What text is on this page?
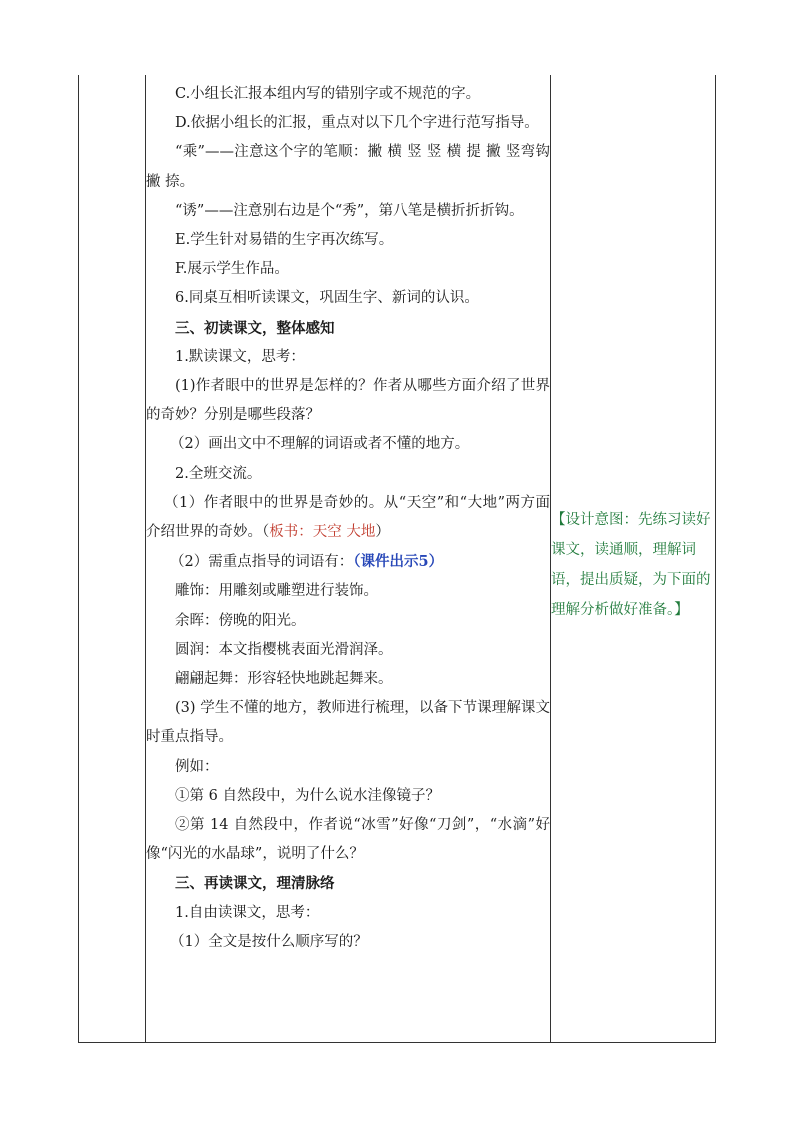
C.小组长汇报本组内写的错别字或不规范的字。

D.依据小组长的汇报，重点对以下几个字进行范写指导。

“乘”——注意这个字的笔顺：撇 横 竖 竖 横 提 撇 竖弯钩 撇 捺。

“诱”——注意别右边是个“秀”，第八笔是横折折折钩。

E.学生针对易错的生字再次练写。

F.展示学生作品。

6.同桌互相听读课文，巩固生字、新词的认识。

三、初读课文，整体感知

1.默读课文，思考：

(1)作者眼中的世界是怎样的？作者从哪些方面介绍了世界的奇妙？分别是哪些段落？

（2）画出文中不理解的词语或者不懂的地方。

2.全班交流。

（1）作者眼中的世界是奇妙的。从“天空”和“大地”两方面介绍世界的奇妙。（板书：天空 大地）

（2）需重点指导的词语有：（课件出示5）

雕饰：用雕刻或雕塑进行装饰。

余晖：傍晚的阳光。

圆润：本文指樱桃表面光滑润泽。

翩翩起舞：形容轻快地跳起舞来。

(3) 学生不懂的地方，教师进行梳理，以备下节课理解课文时重点指导。

例如：

①第 6 自然段中，为什么说水洼像镜子？

②第 14 自然段中，作者说“冰雪”好像“刀剑”，“水滴”好像“闪光的水晶球”，说明了什么？

三、再读课文，理清脉络

1.自由读课文，思考：

（1）全文是按什么顺序写的？

【设计意图：先练习读好课文，读通顺，理解词语，提出质疑，为下面的理解分析做好准备。】
